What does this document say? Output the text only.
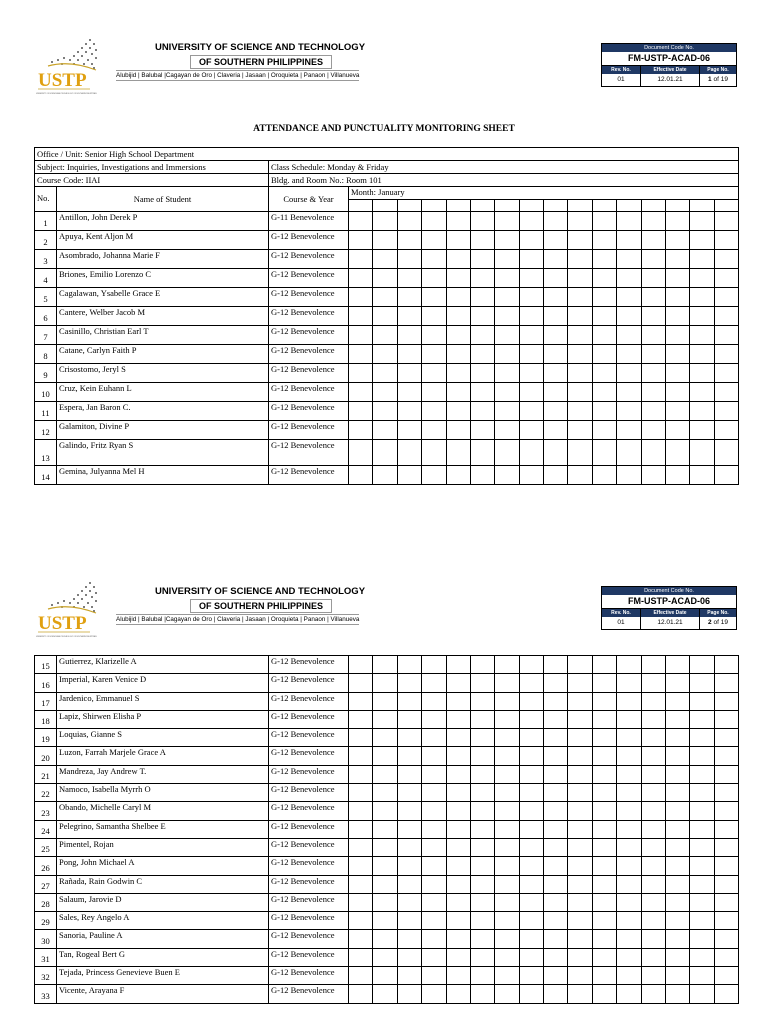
USTP
UNIVERSITY OF SCIENCE AND TECHNOLOGY OF SOUTHERN PHILIPPINES
UNIVERSITY OF SCIENCE AND TECHNOLOGY
OF SOUTHERN PHILIPPINES
Alubijid | Balubal |Cagayan de Oro | Claveria | Jasaan | Oroquieta | Panaon | Villanueva
Document Code No.
FM-USTP-ACAD-06
Rev. No.	Effective Date	Page No.
01	12.01.21	1 of 19
ATTENDANCE AND PUNCTUALITY MONITORING SHEET
Office / Unit: Senior High School Department																		
Subject: Inquiries, Investigations and Immersions		Class Schedule: Monday & Friday																
Course Code: IIAI		Bldg. and Room No.: Room 101																
No.	Name of Student	Course & Year	Month: January															

1	Antillon, John Derek P	G-11 Benevolence																
2	Apuya, Kent Aljon M	G-12 Benevolence																
3	Asombrado, Johanna Marie F	G-12 Benevolence																
4	Briones, Emilio Lorenzo C	G-12 Benevolence																
5	Cagalawan, Ysabelle Grace E	G-12 Benevolence																
6	Cantere, Welber Jacob M	G-12 Benevolence																
7	Casinillo, Christian Earl T	G-12 Benevolence																
8	Catane, Carlyn Faith P	G-12 Benevolence																
9	Crisostomo, Jeryl S	G-12 Benevolence																
10	Cruz, Kein Euhann L	G-12 Benevolence																
11	Espera, Jan Baron C.	G-12 Benevolence																
12	Galamiton, Divine P	G-12 Benevolence																
13	Galindo, Fritz Ryan S	G-12 Benevolence																
14	Gemina, Julyanna Mel H	G-12 Benevolence																
USTP
UNIVERSITY OF SCIENCE AND TECHNOLOGY OF SOUTHERN PHILIPPINES
UNIVERSITY OF SCIENCE AND TECHNOLOGY
OF SOUTHERN PHILIPPINES
Alubijid | Balubal |Cagayan de Oro | Claveria | Jasaan | Oroquieta | Panaon | Villanueva
Document Code No.
FM-USTP-ACAD-06
Rev. No.	Effective Date	Page No.
01	12.01.21	2 of 19
15	Gutierrez, Klarizelle A	G-12 Benevolence																
16	Imperial, Karen Venice D	G-12 Benevolence																
17	Jardenico, Emmanuel S	G-12 Benevolence																
18	Lapiz, Shirwen Elisha P	G-12 Benevolence																
19	Loquias, Gianne S	G-12 Benevolence																
20	Luzon, Farrah Marjele Grace A	G-12 Benevolence																
21	Mandreza, Jay Andrew T.	G-12 Benevolence																
22	Namoco, Isabella Myrrh O	G-12 Benevolence																
23	Obando, Michelle Caryl M	G-12 Benevolence																
24	Pelegrino, Samantha Shelbee E	G-12 Benevolence																
25	Pimentel, Rojan	G-12 Benevolence																
26	Pong, John Michael A	G-12 Benevolence																
27	Rañada, Rain Godwin C	G-12 Benevolence																
28	Salaum, Jarovie D	G-12 Benevolence																
29	Sales, Rey Angelo A	G-12 Benevolence																
30	Sanoria, Pauline A	G-12 Benevolence																
31	Tan, Rogeal Bert G	G-12 Benevolence																
32	Tejada, Princess Genevieve Buen E	G-12 Benevolence																
33	Vicente, Arayana F	G-12 Benevolence																
